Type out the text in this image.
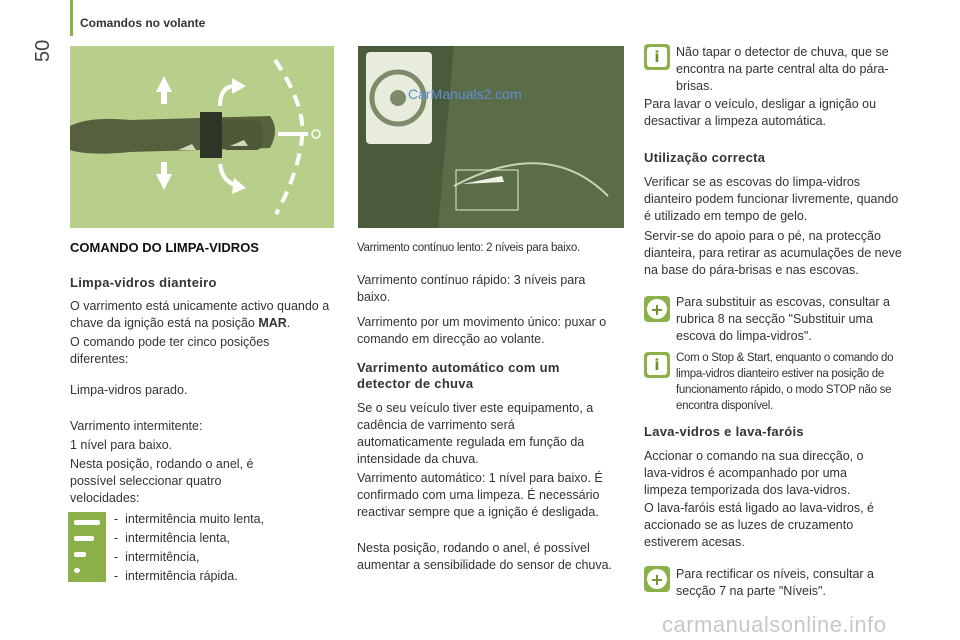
50
Comandos no volante
CarManuals2.com
COMANDO DO LIMPA-VIDROS
Limpa-vidros dianteiro
O varrimento está unicamente activo quando a chave da ignição está na posição MAR.
O comando pode ter cinco posições diferentes:
Limpa-vidros parado.
Varrimento intermitente:
1 nível para baixo.
Nesta posição, rodando o anel, é possível seleccionar quatro velocidades:
-  intermitência muito lenta,
-  intermitência lenta,
-  intermitência,
-  intermitência rápida.
Varrimento contínuo lento: 2 níveis para baixo.
Varrimento contínuo rápido: 3 níveis para baixo.
Varrimento por um movimento único: puxar o comando em direcção ao volante.
Varrimento automático com um detector de chuva
Se o seu veículo tiver este equipamento, a cadência de varrimento será automaticamente regulada em função da intensidade da chuva.
Varrimento automático: 1 nível para baixo. É confirmado com uma limpeza. É necessário reactivar sempre que a ignição é desligada.
Nesta posição, rodando o anel, é possível aumentar a sensibilidade do sensor de chuva.
i	Não tapar o detector de chuva, que se encontra na parte central alta do pára-brisas.
Para lavar o veículo, desligar a ignição ou desactivar a limpeza automática.
Utilização correcta
Verificar se as escovas do limpa-vidros dianteiro podem funcionar livremente, quando é utilizado em tempo de gelo.
Servir-se do apoio para o pé, na protecção dianteira, para retirar as acumulações de neve na base do pára-brisas e nas escovas.
+ Para substituir as escovas, consultar a rubrica 8 na secção "Substituir uma escova do limpa-vidros".
i	Com o Stop & Start, enquanto o comando do limpa-vidros dianteiro estiver na posição de funcionamento rápido, o modo STOP não se encontra disponível.
Lava-vidros e lava-faróis
Accionar o comando na sua direcção, o lava-vidros é acompanhado por uma limpeza temporizada dos lava-vidros.
O lava-faróis está ligado ao lava-vidros, é accionado se as luzes de cruzamento estiverem acesas.
+ Para rectificar os níveis, consultar a secção 7 na parte "Níveis".
carmanualsonline.info
